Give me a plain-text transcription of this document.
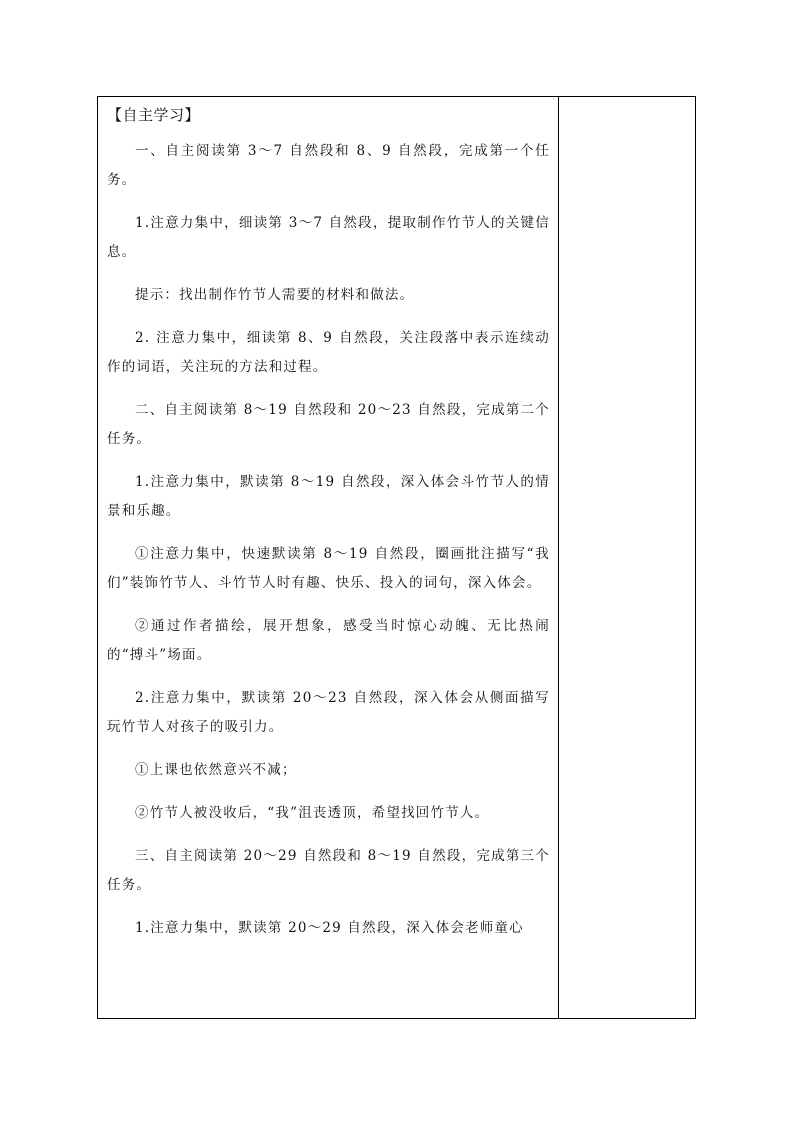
【自主学习】

一、自主阅读第 3～7 自然段和 8、9 自然段，完成第一个任务。

1.注意力集中，细读第 3～7 自然段，提取制作竹节人的关键信息。

提示：找出制作竹节人需要的材料和做法。

2. 注意力集中，细读第 8、9 自然段，关注段落中表示连续动作的词语，关注玩的方法和过程。

二、自主阅读第 8～19 自然段和 20～23 自然段，完成第二个任务。

1.注意力集中，默读第 8～19 自然段，深入体会斗竹节人的情景和乐趣。

①注意力集中，快速默读第 8～19 自然段，圈画批注描写“我们”装饰竹节人、斗竹节人时有趣、快乐、投入的词句，深入体会。

②通过作者描绘，展开想象，感受当时惊心动魄、无比热闹的“搏斗”场面。

2.注意力集中，默读第 20～23 自然段，深入体会从侧面描写玩竹节人对孩子的吸引力。

①上课也依然意兴不减；

②竹节人被没收后，“我”沮丧透顶，希望找回竹节人。

三、自主阅读第 20～29 自然段和 8～19 自然段，完成第三个任务。

1.注意力集中，默读第 20～29 自然段，深入体会老师童心
